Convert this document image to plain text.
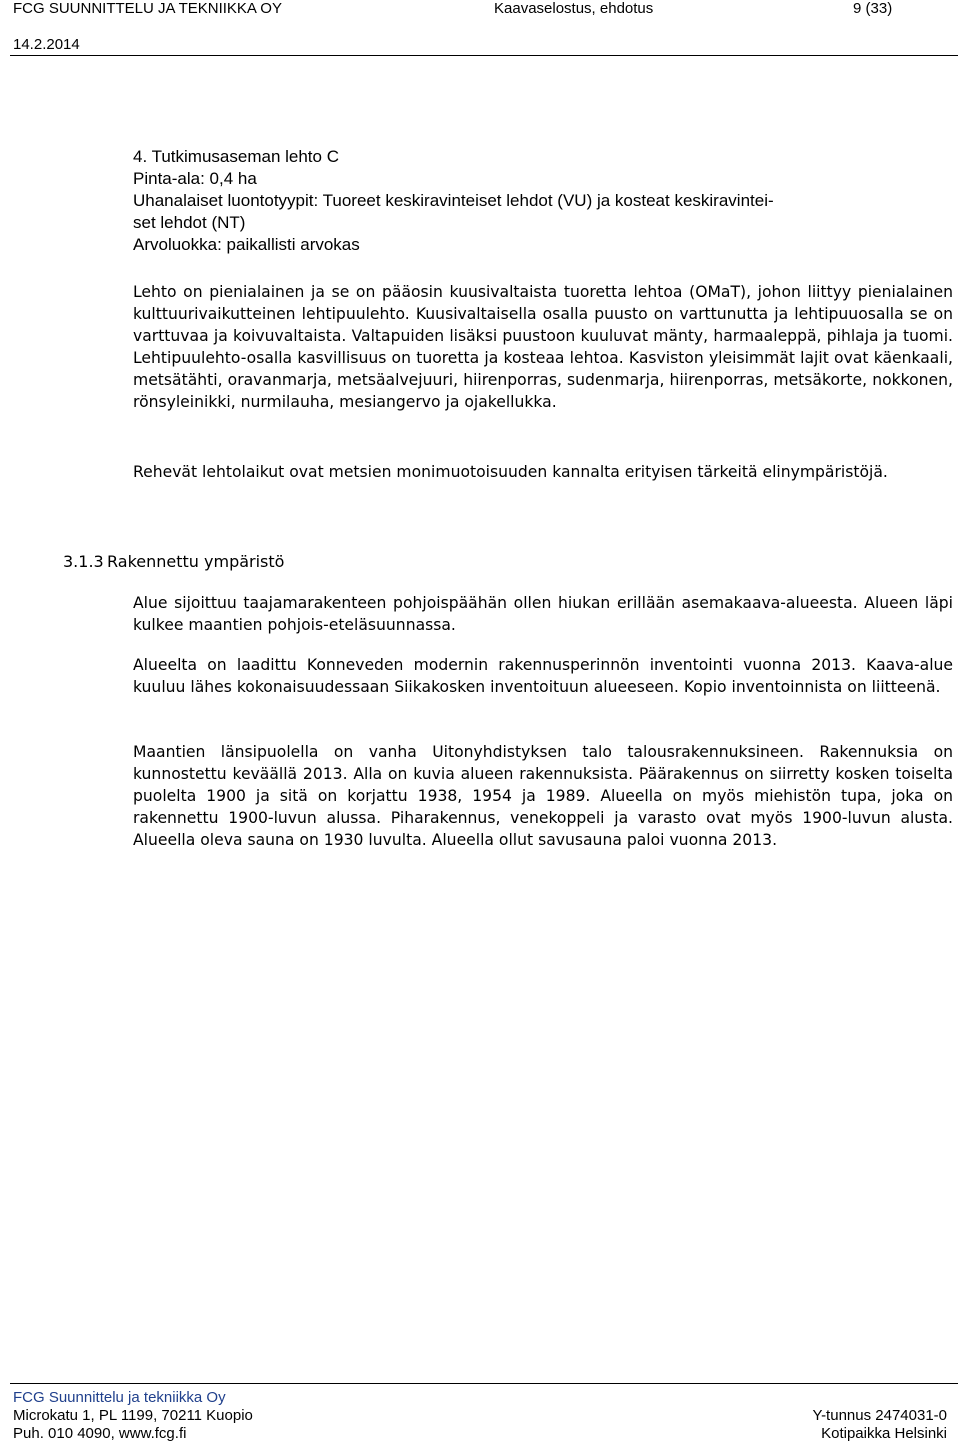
FCG SUUNNITTELU JA TEKNIIKKA OY	Kaavaselostus, ehdotus	9 (33)
14.2.2014
4. Tutkimusaseman lehto C
Pinta-ala: 0,4 ha
Uhanalaiset luontotyypit: Tuoreet keskiravinteiset lehdot (VU) ja kosteat keskiravintei-
set lehdot (NT)
Arvoluokka: paikallisti arvokas

Lehto on pienialainen ja se on pääosin kuusivaltaista tuoretta lehtoa (OMaT), johon liittyy pienialainen kulttuurivaikutteinen lehtipuulehto. Kuusivaltaisella osalla puusto on varttunutta ja lehtipuuosalla se on varttuvaa ja koivuvaltaista. Valtapuiden lisäksi puustoon kuuluvat mänty, harmaaleppä, pihlaja ja tuomi. Lehtipuulehto-osalla kasvillisuus on tuoretta ja kosteaa lehtoa. Kasviston yleisimmät lajit ovat käenkaali, metsätähti, oravanmarja, metsäalvejuuri, hiirenporras, sudenmarja, hiirenporras, metsäkorte, nokkonen, rönsyleinikki, nurmilauha, mesiangervo ja ojakellukka.

Rehevät lehtolaikut ovat metsien monimuotoisuuden kannalta erityisen tärkeitä elinympäristöjä.

3.1.3 Rakennettu ympäristö

Alue sijoittuu taajamarakenteen pohjoispäähän ollen hiukan erillään asemakaava-alueesta. Alueen läpi kulkee maantien pohjois-eteläsuunnassa.

Alueelta on laadittu Konneveden modernin rakennusperinnön inventointi vuonna 2013. Kaava-alue kuuluu lähes kokonaisuudessaan Siikakosken inventoituun alueeseen. Kopio inventoinnista on liitteenä.

Maantien länsipuolella on vanha Uitonyhdistyksen talo talousrakennuksineen. Rakennuksia on kunnostettu keväällä 2013. Alla on kuvia alueen rakennuksista. Päärakennus on siirretty kosken toiselta puolelta 1900 ja sitä on korjattu 1938, 1954 ja 1989. Alueella on myös miehistön tupa, joka on rakennettu 1900-luvun alussa. Piharakennus, venekoppeli ja varasto ovat myös 1900-luvun alusta. Alueella oleva sauna on 1930 luvulta. Alueella ollut savusauna paloi vuonna 2013.

FCG Suunnittelu ja tekniikka Oy
Microkatu 1, PL 1199, 70211 Kuopio
Puh. 010 4090, www.fcg.fi
Y-tunnus 2474031-0
Kotipaikka Helsinki
